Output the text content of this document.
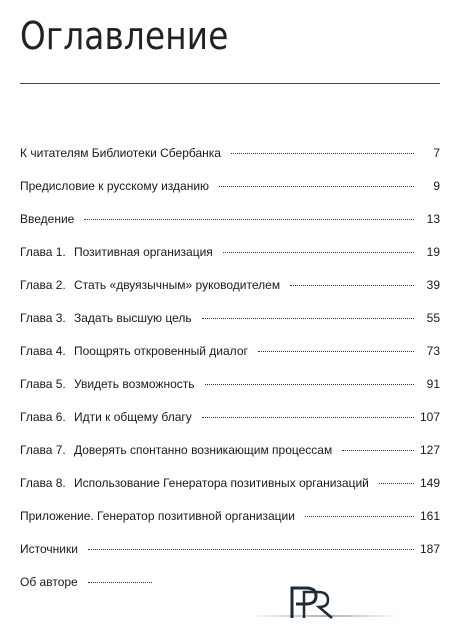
Оглавление
К читателям Библиотеки Сбербанка	7
Предисловие к русскому изданию	9
Введение	13
Глава 1. Позитивная организация	19
Глава 2. Стать «двуязычным» руководителем	39
Глава 3. Задать высшую цель	55
Глава 4. Поощрять откровенный диалог	73
Глава 5. Увидеть возможность	91
Глава 6. Идти к общему благу	107
Глава 7. Доверять спонтанно возникающим процессам	127
Глава 8. Использование Генератора позитивных организаций	149
Приложение. Генератор позитивной организации	161
Источники	187
Об авторе
